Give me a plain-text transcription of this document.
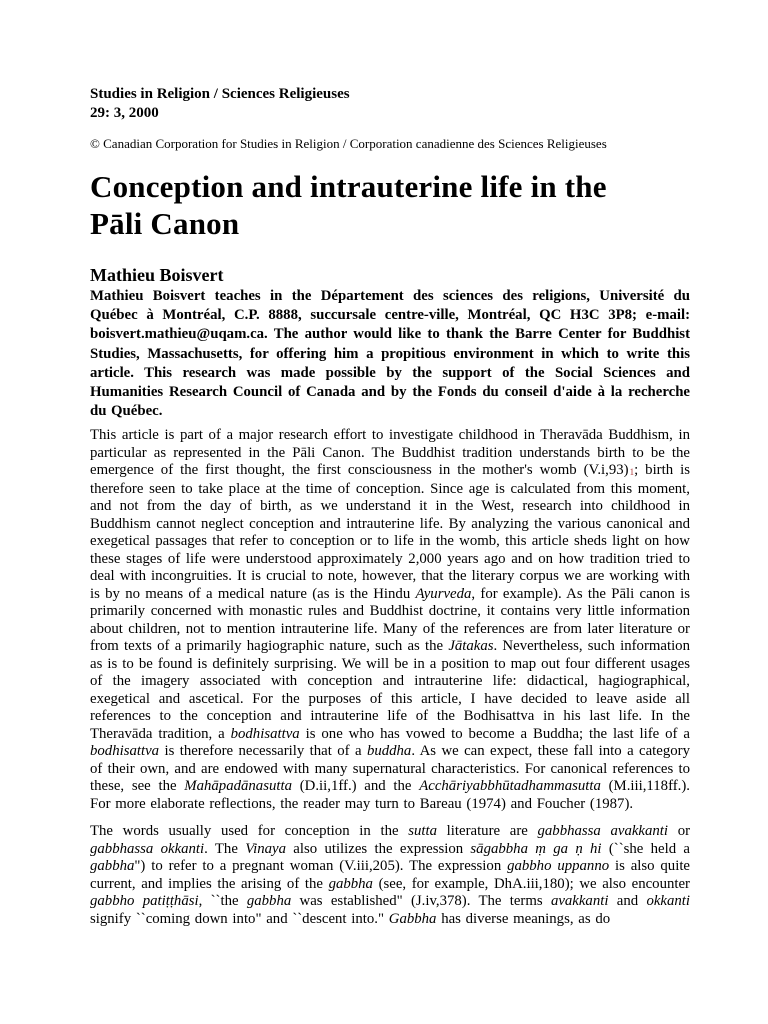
Studies in Religion / Sciences Religieuses
29: 3, 2000
© Canadian Corporation for Studies in Religion / Corporation canadienne des Sciences Religieuses
Conception and intrauterine life in the
Pāli Canon
Mathieu Boisvert

Mathieu Boisvert teaches in the Département des sciences des religions, Université du Québec à Montréal, C.P. 8888, succursale centre-ville, Montréal, QC H3C 3P8; e-mail: boisvert.mathieu@uqam.ca. The author would like to thank the Barre Center for Buddhist Studies, Massachusetts, for offering him a propitious environment in which to write this article. This research was made possible by the support of the Social Sciences and Humanities Research Council of Canada and by the Fonds du conseil d'aide à la recherche du Québec.

This article is part of a major research effort to investigate childhood in Theravāda Buddhism, in particular as represented in the Pāli Canon. The Buddhist tradition understands birth to be the emergence of the first thought, the first consciousness in the mother's womb (V.i,93)$^1$; birth is therefore seen to take place at the time of conception. Since age is calculated from this moment, and not from the day of birth, as we understand it in the West, research into childhood in Buddhism cannot neglect conception and intrauterine life. By analyzing the various canonical and exegetical passages that refer to conception or to life in the womb, this article sheds light on how these stages of life were understood approximately 2,000 years ago and on how tradition tried to deal with incongruities. It is crucial to note, however, that the literary corpus we are working with is by no means of a medical nature (as is the Hindu Ayurveda, for example). As the Pāli canon is primarily concerned with monastic rules and Buddhist doctrine, it contains very little information about children, not to mention intrauterine life. Many of the references are from later literature or from texts of a primarily hagiographic nature, such as the Jātakas. Nevertheless, such information as is to be found is definitely surprising. We will be in a position to map out four different usages of the imagery associated with conception and intrauterine life: didactical, hagiographical, exegetical and ascetical. For the purposes of this article, I have decided to leave aside all references to the conception and intrauterine life of the Bodhisattva in his last life. In the Theravāda tradition, a bodhisattva is one who has vowed to become a Buddha; the last life of a bodhisattva is therefore necessarily that of a buddha. As we can expect, these fall into a category of their own, and are endowed with many supernatural characteristics. For canonical references to these, see the Mahāpadānasutta (D.ii,1ff.) and the Acchāriyabbhūtadhammasutta (M.iii,118ff.). For more elaborate reflections, the reader may turn to Bareau (1974) and Foucher (1987).

The words usually used for conception in the sutta literature are gabbhassa avakkanti or gabbhassa okkanti. The Vinaya also utilizes the expression sāgabbha ṃ ga ṇ hi (``she held a gabbha") to refer to a pregnant woman (V.iii,205). The expression gabbho uppanno is also quite current, and implies the arising of the gabbha (see, for example, DhA.iii,180); we also encounter gabbho patiṭṭhāsi, ``the gabbha was established" (J.iv,378). The terms avakkanti and okkanti signify ``coming down into" and ``descent into." Gabbha has diverse meanings, as do
